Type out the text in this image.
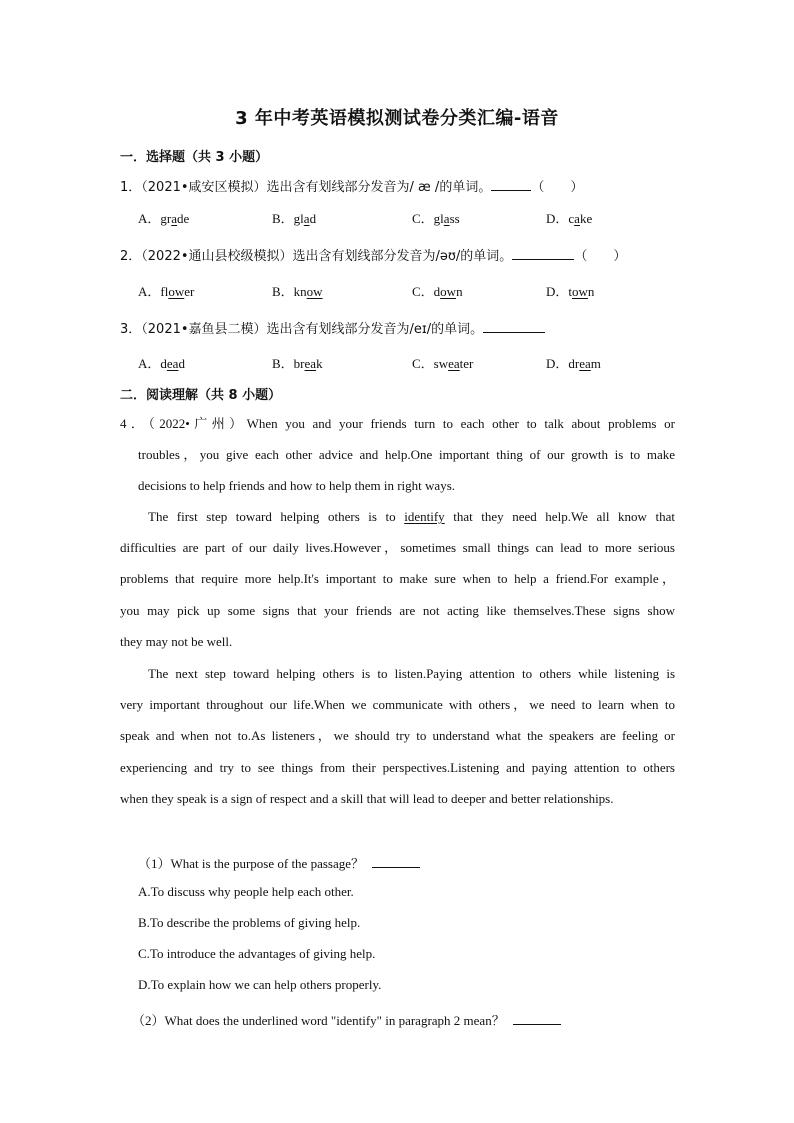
3 年中考英语模拟测试卷分类汇编-语音
一．选择题（共 3 小题）
1．（2021•咸安区模拟）选出含有划线部分发音为/ æ /的单词。	（　　）
A．grade	B．glad	C．glass	D．cake
2．（2022•通山县校级模拟）选出含有划线部分发音为/əʊ/的单词。	（　　）
A．flower	B．know	C．down	D．town
3．（2021•嘉鱼县二模）选出含有划线部分发音为/eɪ/的单词。
A．dead	B．break	C．sweater	D．dream
二．阅读理解（共 8 小题）
4．（2022•广州）When you and your friends turn to each other to talk about problems or
troubles，you give each other advice and help.One important thing of our growth is to make
decisions to help friends and how to help them in right ways.
The first step toward helping others is to identify that they need help.We all know that
difficulties are part of our daily lives.However，sometimes small things can lead to more serious
problems that require more help.It's important to make sure when to help a friend.For example，
you may pick up some signs that your friends are not acting like themselves.These signs show
they may not be well.
The next step toward helping others is to listen.Paying attention to others while listening is
very important throughout our life.When we communicate with others，we need to learn when to
speak and when not to.As listeners，we should try to understand what the speakers are feeling or
experiencing and try to see things from their perspectives.Listening and paying attention to others
when they speak is a sign of respect and a skill that will lead to deeper and better relationships.
（1）What is the purpose of the passage？
A.To discuss why people help each other.
B.To describe the problems of giving help.
C.To introduce the advantages of giving help.
D.To explain how we can help others properly.
（2）What does the underlined word "identify" in paragraph 2 mean？
